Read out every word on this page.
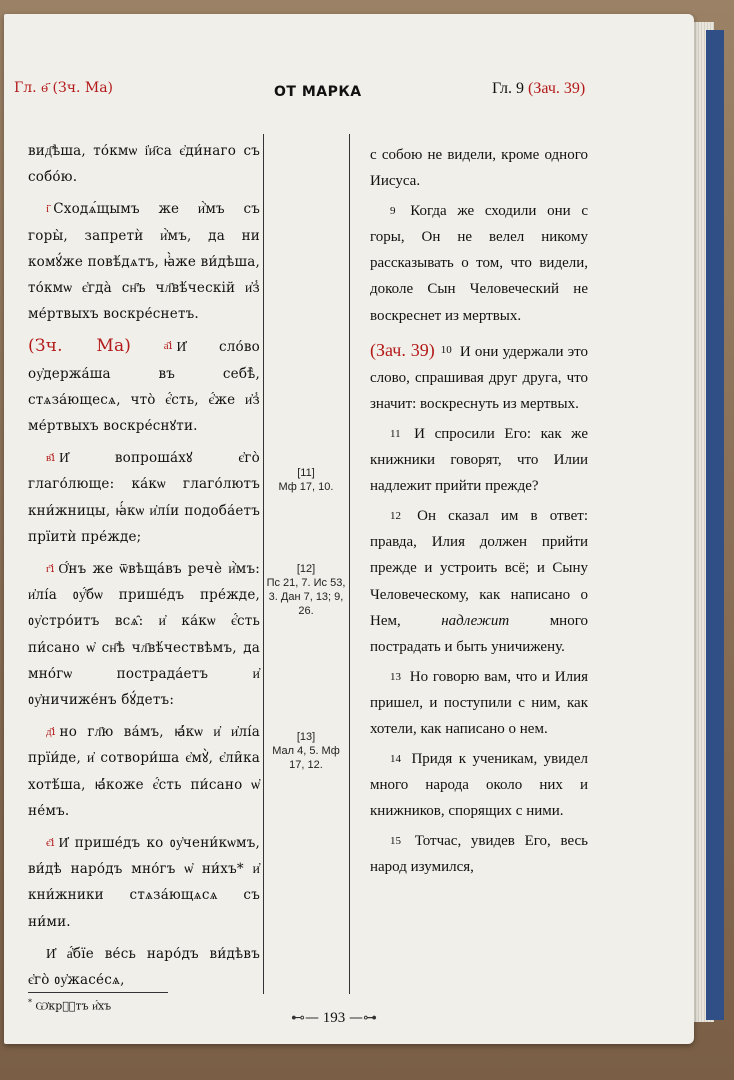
Гл. ѳ҃ (Зч. Ма)	ОТ МАРКА	Гл. 9 (Зач. 39)

вид҃ѣша, то́кмѡ і҆и҃са є҆ди́наго съ собо́ю.

$^{і҃}$ Сходѧ́щымъ же и҆̀мъ съ горы̀, запретѝ и҆̀мъ, да ни комꙋ́же повѣ́дѧтъ, ꙗ҆̀же ви́дѣша, то́кмѡ є҆гда̀ сн҃ъ чл҃вѣ́ческій и҆з̾ ме́ртвыхъ воскре́снетъ.

(Зч. Ма)	$^{а҃і}$ И҆ сло́во оу҆держа́ша въ себѣ̀, стѧза́ющесѧ, что̀ є҆́сть, є҆́же и҆з̾ ме́ртвыхъ воскре́снꙋти.

$^{в҃і}$ И҆ вопроша́хꙋ є҆го̀ глаго́люще: ка́кѡ глаго́лютъ кни́жницы, ꙗ҆́кѡ и҆лі́и подоба́етъ прїитѝ пре́жде;

$^{г҃і}$ О҆́нъ же ѿвѣща́въ речѐ и҆̀мъ: и҆лі́а ᲂу҆́бѡ прише́дъ пре́жде, ᲂу҆стро́итъ всѧ̑: и҆ ка́кѡ є҆́сть пи́сано ѡ҆ сн҃ѣ чл҃вѣ́чествѣмъ, да мно́гѡ пострада́етъ и҆ ᲂу҆ничиже́нъ бꙋ́детъ:

$^{д҃і}$ но гл҃ю ва́мъ, ꙗ҆́кѡ и҆ и҆лі́а прїи́де, и҆ сотвори́ша є҆мꙋ̀, є҆ли̑ка хотѣ́ша, ꙗ҆́коже є҆́сть пи́сано ѡ҆ не́мъ.

$^{є҃і}$ И҆ прише́дъ ко ᲂу҆чени́кѡмъ, ви́дѣ наро́дъ мно́гъ ѡ҆ ни́хъ* и҆ кни́жники стѧза́ющѧсѧ съ ни́ми.

И҆ а҆́бїе ве́сь наро́дъ ви́дѣвъ є҆го̀ ᲂу҆жасе́сѧ,

[11]
Мф 17, 10.
[12]
Пс 21, 7. Ис 53, 3. Дан 7, 13; 9, 26.
[13]
Мал 4, 5. Мф 17, 12.

с собою не видели, кроме одного Иисуса.

$^9$ Когда же сходили они с горы, Он не велел никому рассказывать о том, что видели, доколе Сын Человеческий не воскреснет из мертвых.

(Зач. 39) $^{10}$ И они удержали это слово, спрашивая друг друга, что значит: воскреснуть из мертвых.

$^{11}$ И спросили Его: как же книжники говорят, что Илии надлежит прийти прежде?

$^{12}$ Он сказал им в ответ: правда, Илия должен прийти прежде и устроить всё; и Сыну Человеческому, как написано о Нем,	надлежит	много пострадать и быть уничижену.

$^{13}$ Но говорю вам, что и Илия пришел, и поступили с ним, как хотели, как написано о нем.

$^{14}$ Придя к ученикам, увидел много народа около них и книжников, спорящих с ними.

$^{15}$ Тотчас, увидев Его, весь народ изумился,

* Ѡ҆крⷭ҇тъ и҆́хъ
⊷— 193 —⊶
